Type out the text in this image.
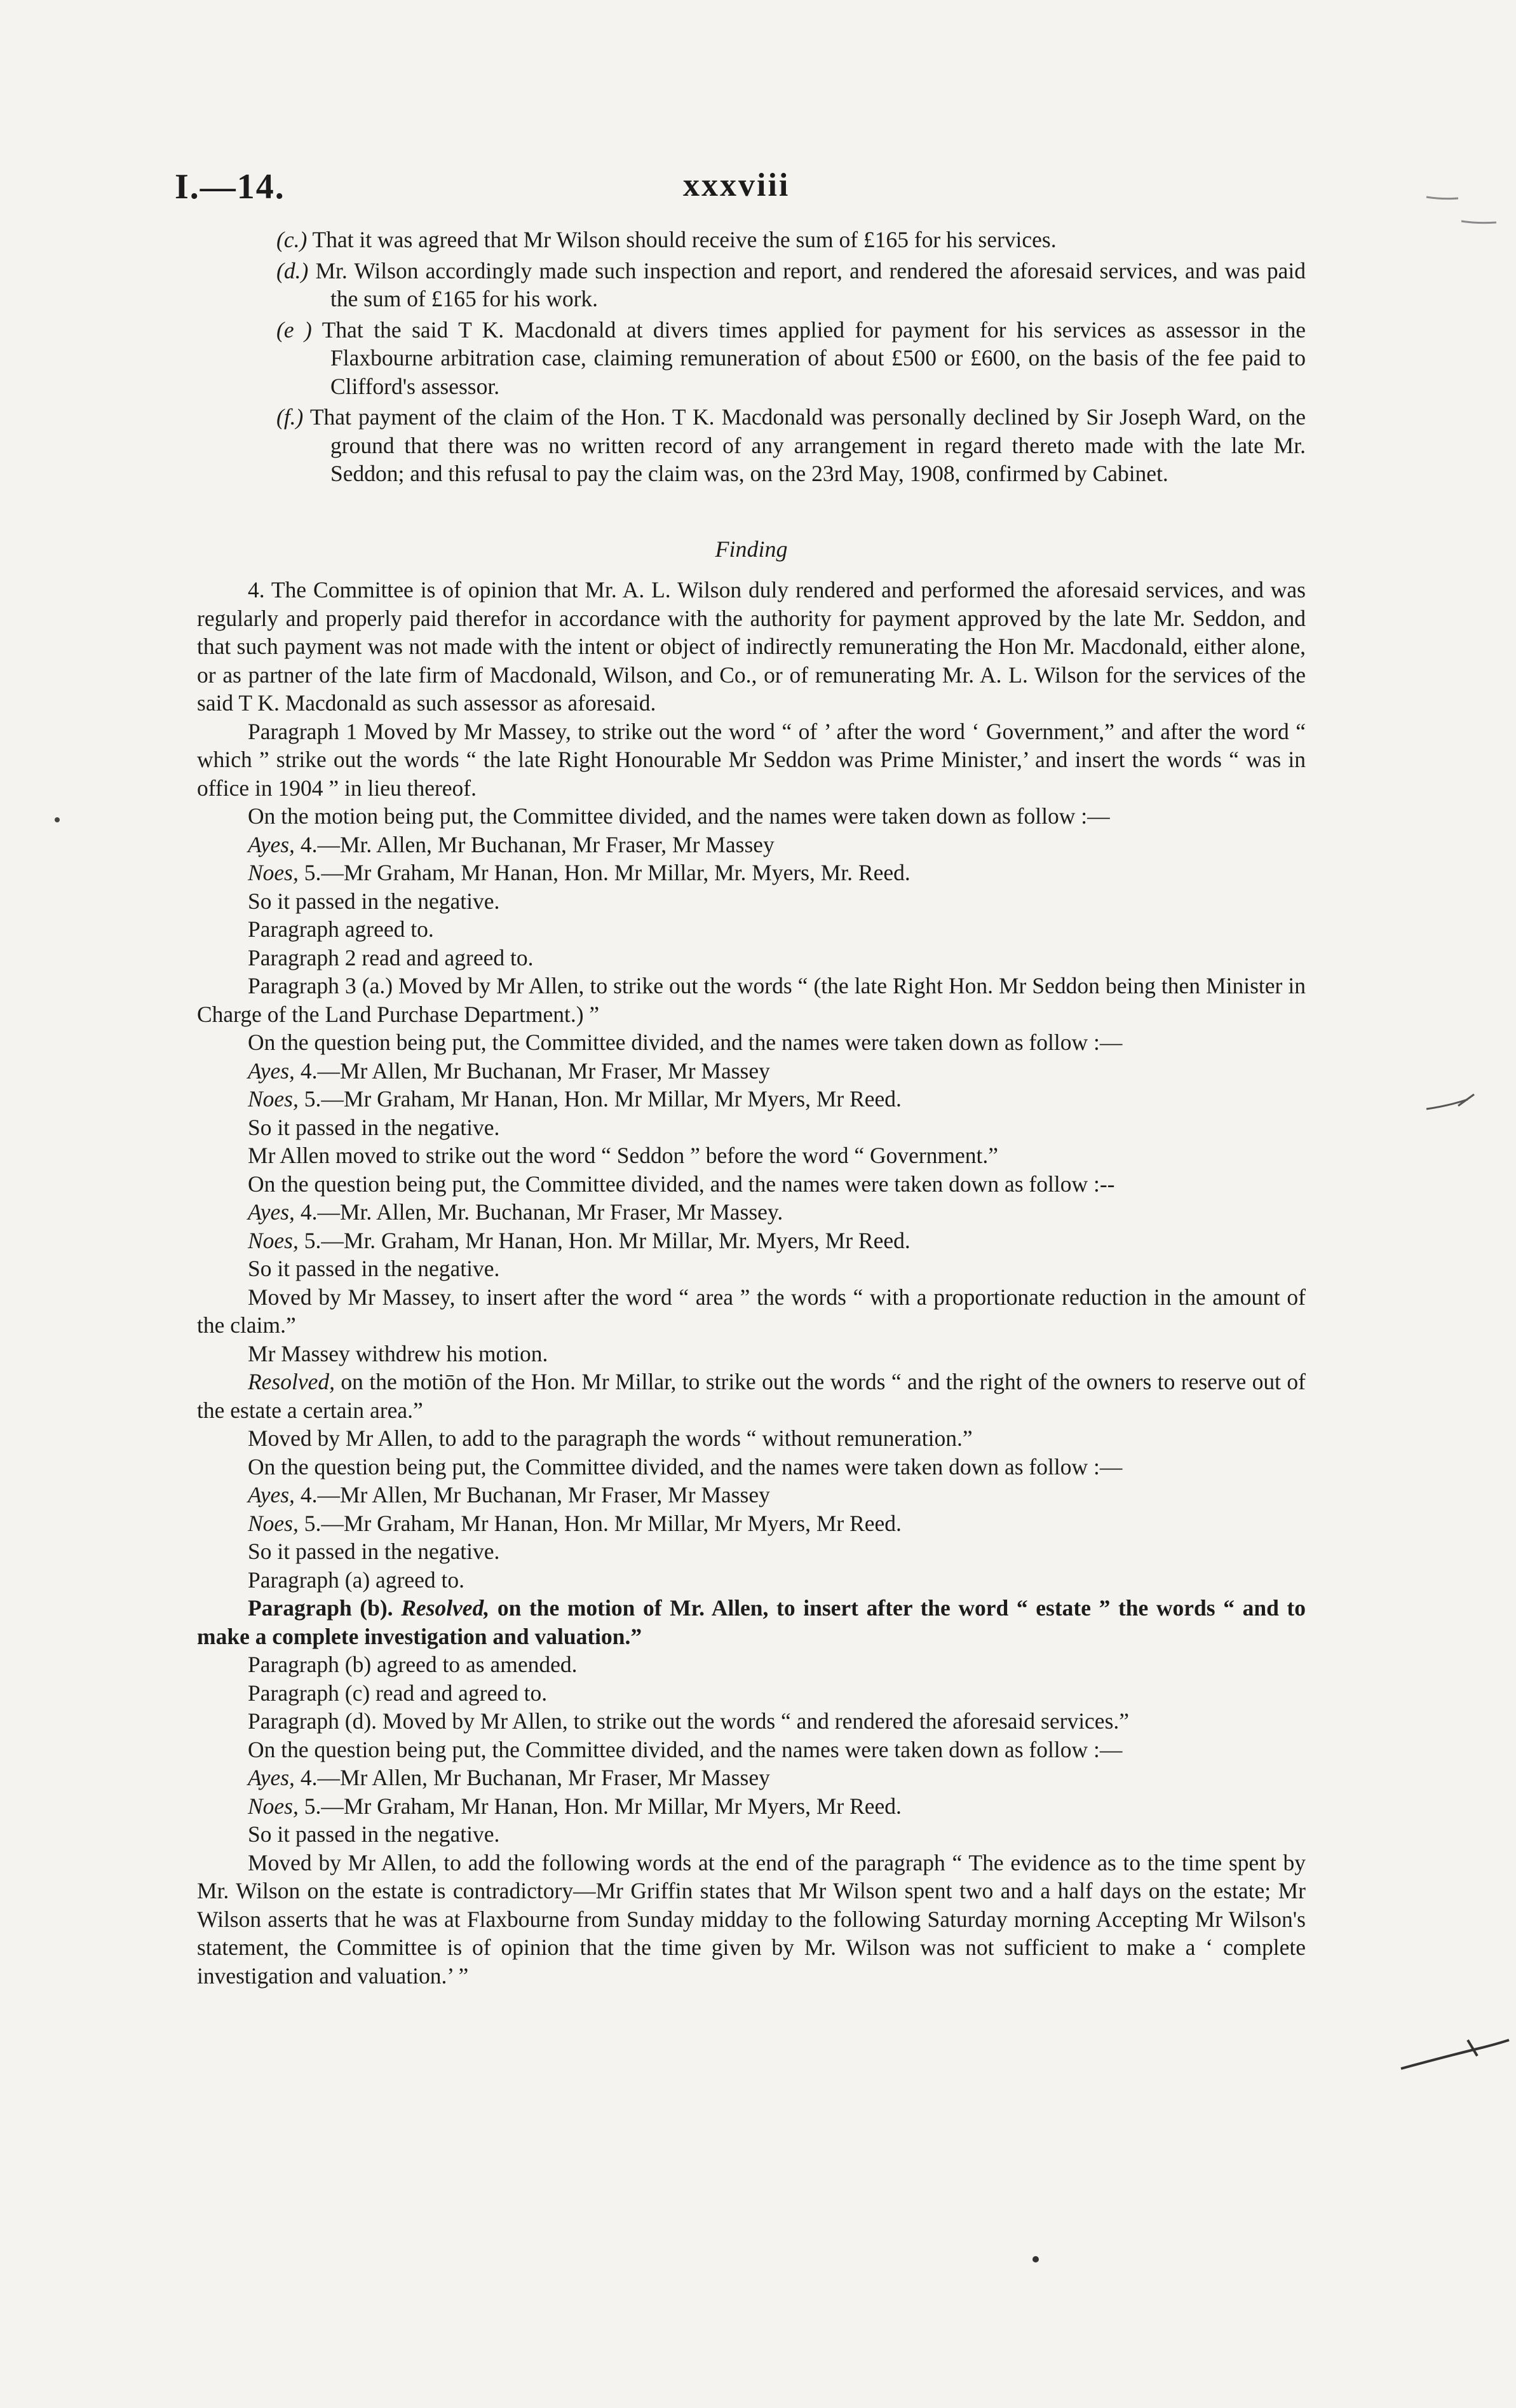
I.—14.	xxxviii
(c.) That it was agreed that Mr Wilson should receive the sum of £165 for his services.
(d.) Mr. Wilson accordingly made such inspection and report, and rendered the aforesaid services, and was paid the sum of £165 for his work.
(e ) That the said T K. Macdonald at divers times applied for payment for his services as assessor in the Flaxbourne arbitration case, claiming remuneration of about £500 or £600, on the basis of the fee paid to Clifford's assessor.
(f.) That payment of the claim of the Hon. T K. Macdonald was personally declined by Sir Joseph Ward, on the ground that there was no written record of any arrangement in regard thereto made with the late Mr. Seddon; and this refusal to pay the claim was, on the 23rd May, 1908, confirmed by Cabinet.
Finding

4. The Committee is of opinion that Mr. A. L. Wilson duly rendered and performed the aforesaid services, and was regularly and properly paid therefor in accordance with the authority for payment approved by the late Mr. Seddon, and that such payment was not made with the intent or object of indirectly remunerating the Hon Mr. Macdonald, either alone, or as partner of the late firm of Macdonald, Wilson, and Co., or of remunerating Mr. A. L. Wilson for the services of the said T K. Macdonald as such assessor as aforesaid.

Paragraph 1 Moved by Mr Massey, to strike out the word “ of ’ after the word ‘ Government,” and after the word “ which ” strike out the words “ the late Right Honourable Mr Seddon was Prime Minister,’ and insert the words “ was in office in 1904 ” in lieu thereof.

On the motion being put, the Committee divided, and the names were taken down as follow :—

Ayes, 4.—Mr. Allen, Mr Buchanan, Mr Fraser, Mr Massey

Noes, 5.—Mr Graham, Mr Hanan, Hon. Mr Millar, Mr. Myers, Mr. Reed.

So it passed in the negative.

Paragraph agreed to.

Paragraph 2 read and agreed to.

Paragraph 3 (a.) Moved by Mr Allen, to strike out the words “ (the late Right Hon. Mr Seddon being then Minister in Charge of the Land Purchase Department.) ”

On the question being put, the Committee divided, and the names were taken down as follow :—

Ayes, 4.—Mr Allen, Mr Buchanan, Mr Fraser, Mr Massey

Noes, 5.—Mr Graham, Mr Hanan, Hon. Mr Millar, Mr Myers, Mr Reed.

So it passed in the negative.

Mr Allen moved to strike out the word “ Seddon ” before the word “ Government.”

On the question being put, the Committee divided, and the names were taken down as follow :--

Ayes, 4.—Mr. Allen, Mr. Buchanan, Mr Fraser, Mr Massey.

Noes, 5.—Mr. Graham, Mr Hanan, Hon. Mr Millar, Mr. Myers, Mr Reed.

So it passed in the negative.

Moved by Mr Massey, to insert after the word “ area ” the words “ with a proportionate reduction in the amount of the claim.”

Mr Massey withdrew his motion.

Resolved, on the motiōn of the Hon. Mr Millar, to strike out the words “ and the right of the owners to reserve out of the estate a certain area.”

Moved by Mr Allen, to add to the paragraph the words “ without remuneration.”

On the question being put, the Committee divided, and the names were taken down as follow :—

Ayes, 4.—Mr Allen, Mr Buchanan, Mr Fraser, Mr Massey

Noes, 5.—Mr Graham, Mr Hanan, Hon. Mr Millar, Mr Myers, Mr Reed.

So it passed in the negative.

Paragraph (a) agreed to.

Paragraph (b). Resolved, on the motion of Mr. Allen, to insert after the word “ estate ” the words “ and to make a complete investigation and valuation.”

Paragraph (b) agreed to as amended.

Paragraph (c) read and agreed to.

Paragraph (d). Moved by Mr Allen, to strike out the words “ and rendered the aforesaid services.”

On the question being put, the Committee divided, and the names were taken down as follow :—

Ayes, 4.—Mr Allen, Mr Buchanan, Mr Fraser, Mr Massey

Noes, 5.—Mr Graham, Mr Hanan, Hon. Mr Millar, Mr Myers, Mr Reed.

So it passed in the negative.

Moved by Mr Allen, to add the following words at the end of the paragraph “ The evidence as to the time spent by Mr. Wilson on the estate is contradictory—Mr Griffin states that Mr Wilson spent two and a half days on the estate; Mr Wilson asserts that he was at Flaxbourne from Sunday midday to the following Saturday morning Accepting Mr Wilson's statement, the Committee is of opinion that the time given by Mr. Wilson was not sufficient to make a ‘ complete investigation and valuation.’ ”
